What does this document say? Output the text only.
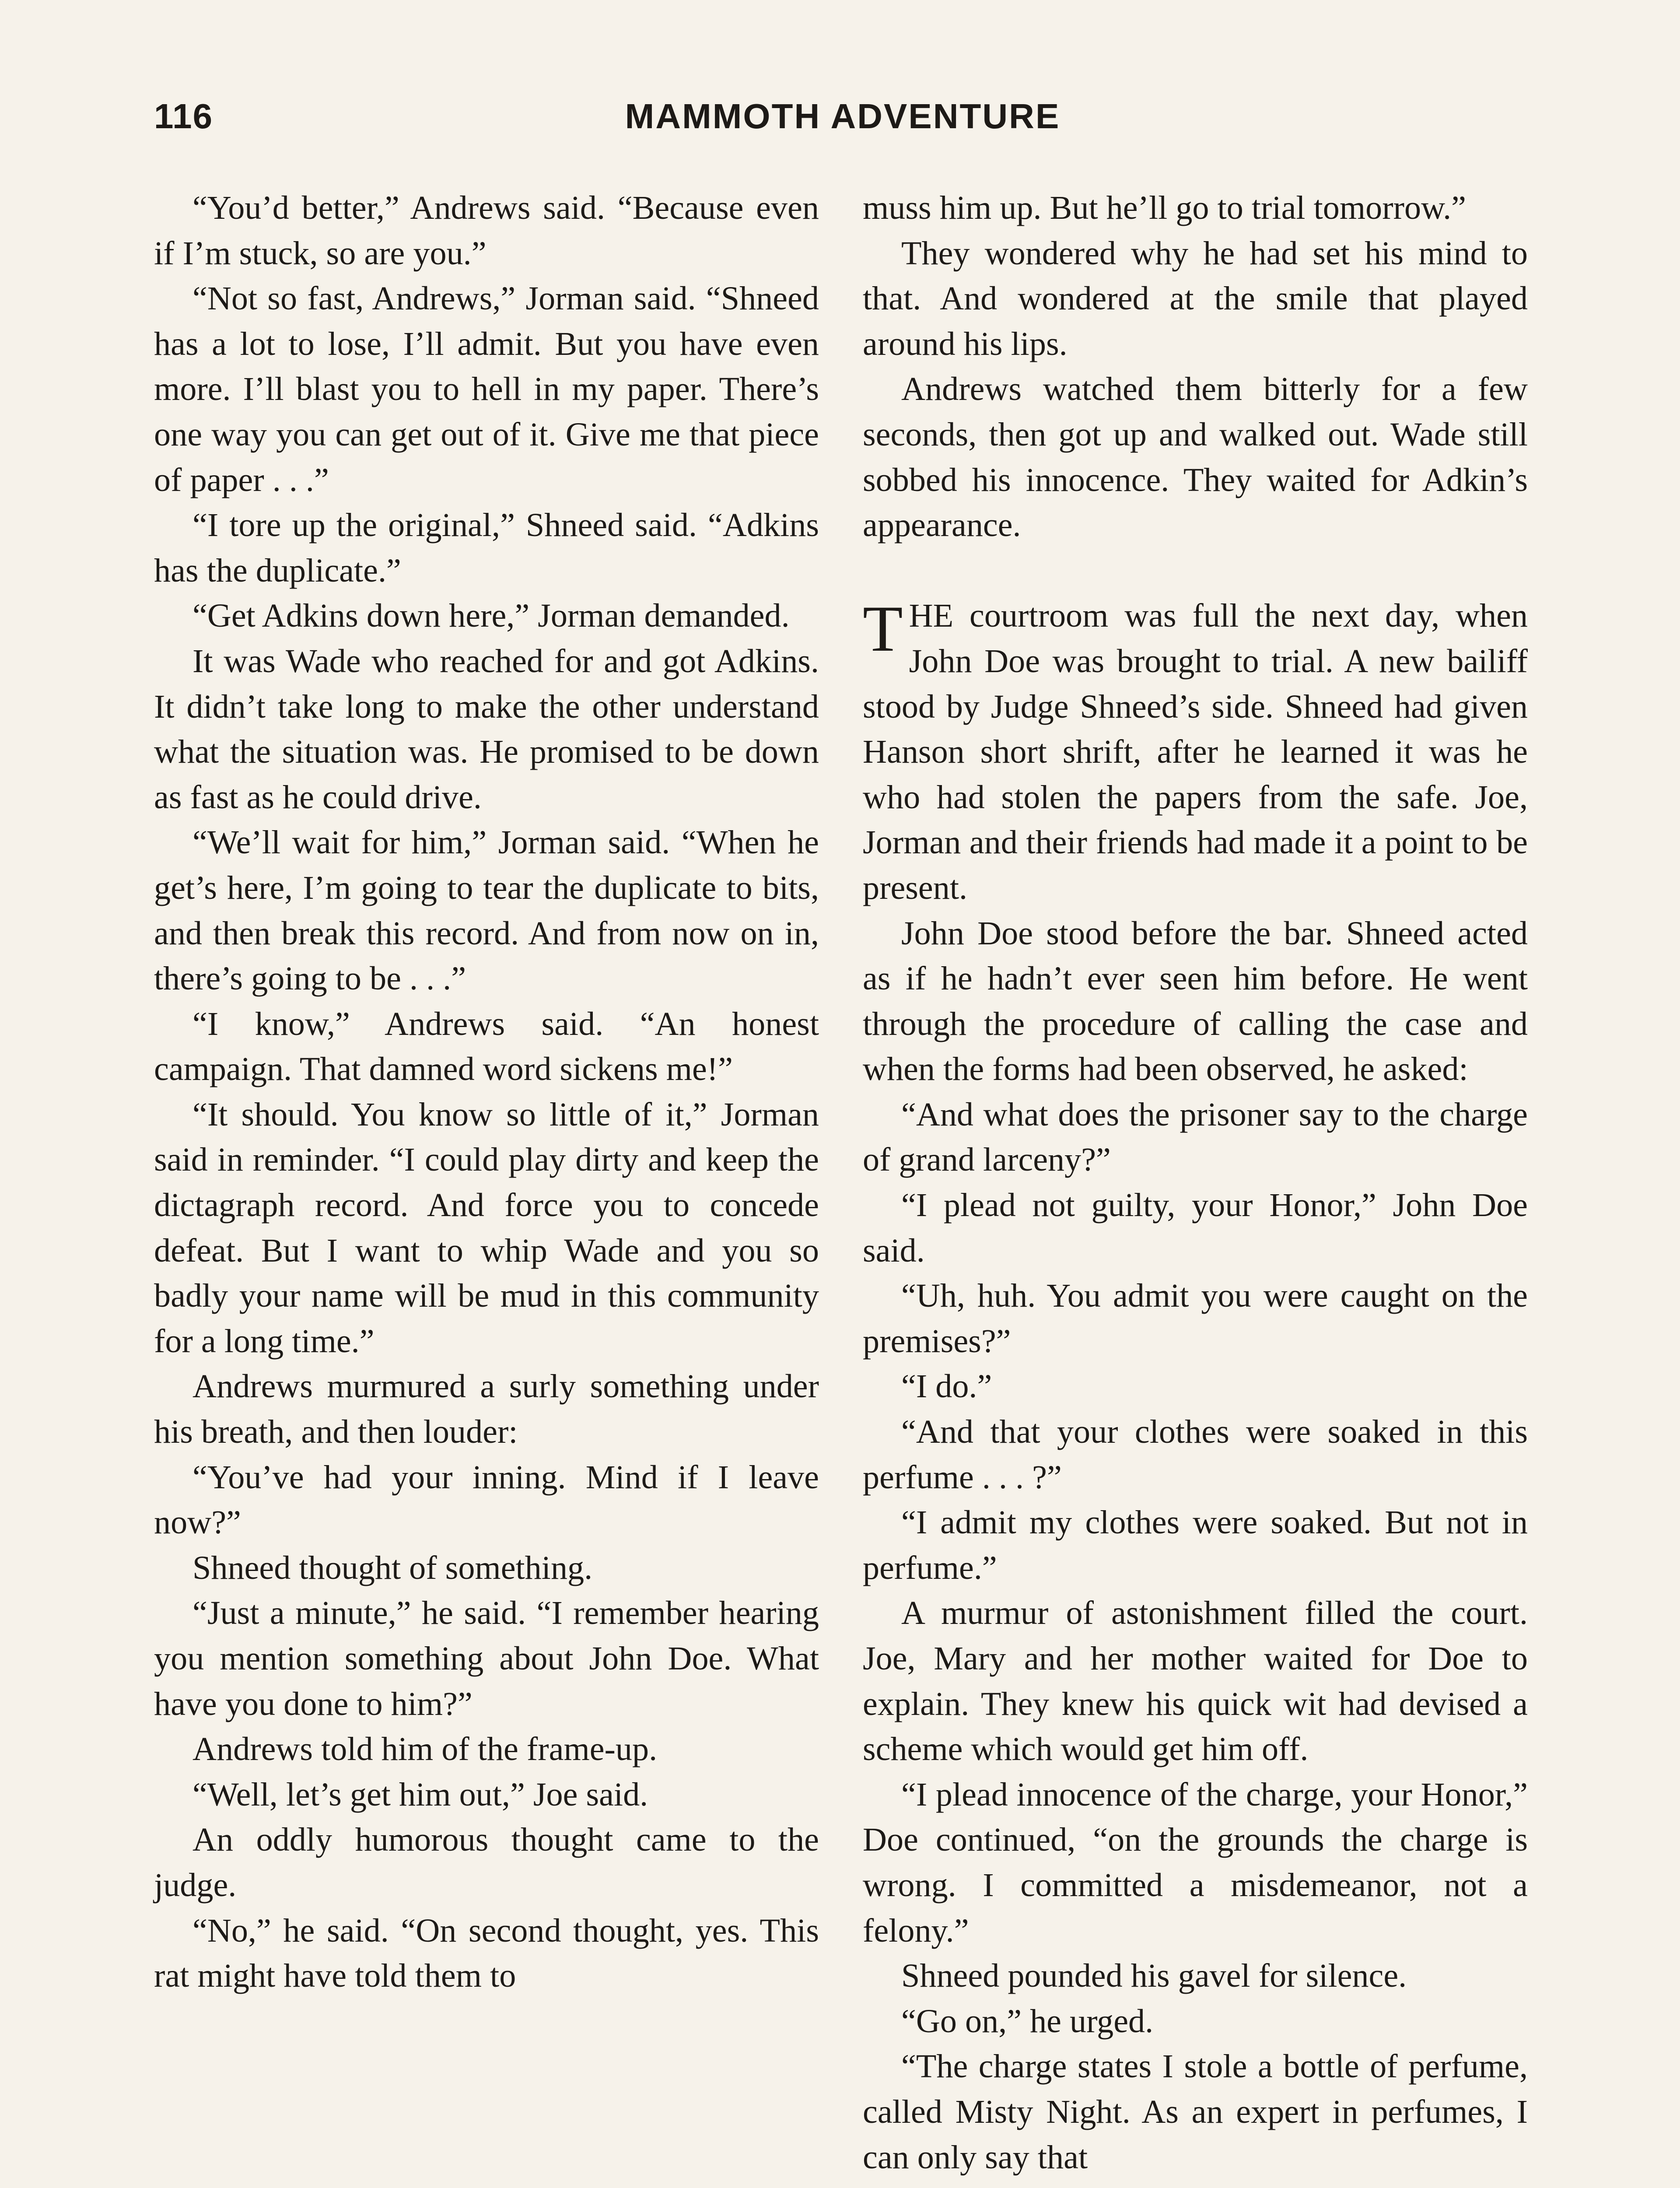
116	MAMMOTH ADVENTURE

“You’d better,” Andrews said. “Because even if I’m stuck, so are you.”

“Not so fast, Andrews,” Jorman said. “Shneed has a lot to lose, I’ll admit. But you have even more. I’ll blast you to hell in my paper. There’s one way you can get out of it. Give me that piece of paper . . .”

“I tore up the original,” Shneed said. “Adkins has the duplicate.”

“Get Adkins down here,” Jorman demanded.

It was Wade who reached for and got Adkins. It didn’t take long to make the other understand what the situation was. He promised to be down as fast as he could drive.

“We’ll wait for him,” Jorman said. “When he get’s here, I’m going to tear the duplicate to bits, and then break this record. And from now on in, there’s going to be . . .”

“I know,” Andrews said. “An honest campaign. That damned word sickens me!”

“It should. You know so little of it,” Jorman said in reminder. “I could play dirty and keep the dictagraph record. And force you to concede defeat. But I want to whip Wade and you so badly your name will be mud in this community for a long time.”

Andrews murmured a surly something under his breath, and then louder:

“You’ve had your inning. Mind if I leave now?”

Shneed thought of something.

“Just a minute,” he said. “I remember hearing you mention something about John Doe. What have you done to him?”

Andrews told him of the frame-up.

“Well, let’s get him out,” Joe said.

An oddly humorous thought came to the judge.

“No,” he said. “On second thought, yes. This rat might have told them to

muss him up. But he’ll go to trial tomorrow.”

They wondered why he had set his mind to that. And wondered at the smile that played around his lips.

Andrews watched them bitterly for a few seconds, then got up and walked out. Wade still sobbed his innocence. They waited for Adkin’s appearance.

THE courtroom was full the next day, when John Doe was brought to trial. A new bailiff stood by Judge Shneed’s side. Shneed had given Hanson short shrift, after he learned it was he who had stolen the papers from the safe. Joe, Jorman and their friends had made it a point to be present.

John Doe stood before the bar. Shneed acted as if he hadn’t ever seen him before. He went through the procedure of calling the case and when the forms had been observed, he asked:

“And what does the prisoner say to the charge of grand larceny?”

“I plead not guilty, your Honor,” John Doe said.

“Uh, huh. You admit you were caught on the premises?”

“I do.”

“And that your clothes were soaked in this perfume . . . ?”

“I admit my clothes were soaked. But not in perfume.”

A murmur of astonishment filled the court. Joe, Mary and her mother waited for Doe to explain. They knew his quick wit had devised a scheme which would get him off.

“I plead innocence of the charge, your Honor,” Doe continued, “on the grounds the charge is wrong. I committed a misdemeanor, not a felony.”

Shneed pounded his gavel for silence.

“Go on,” he urged.

“The charge states I stole a bottle of perfume, called Misty Night. As an expert in perfumes, I can only say that
